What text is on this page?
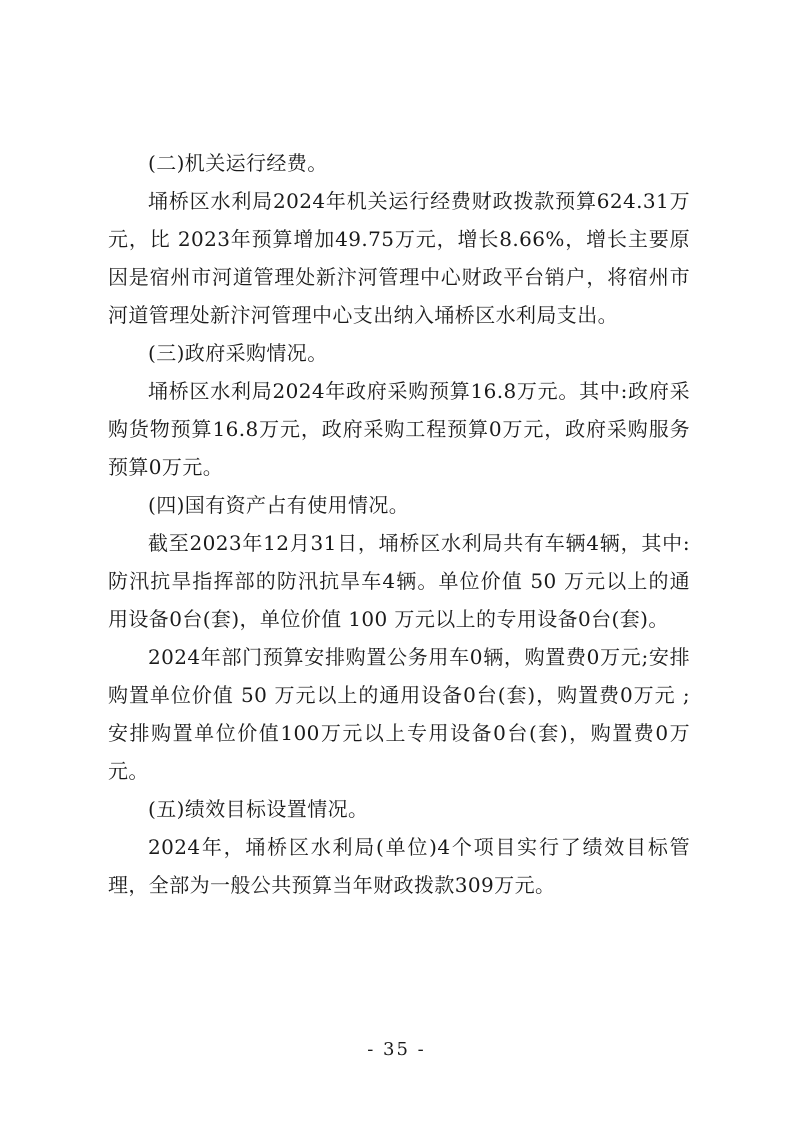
(二)机关运行经费。

埇桥区水利局2024年机关运行经费财政拨款预算624.31万元，比 2023年预算增加49.75万元，增长8.66%，增长主要原因是宿州市河道管理处新汴河管理中心财政平台销户，将宿州市河道管理处新汴河管理中心支出纳入埇桥区水利局支出。

(三)政府采购情况。

埇桥区水利局2024年政府采购预算16.8万元。其中:政府采购货物预算16.8万元，政府采购工程预算0万元，政府采购服务预算0万元。

(四)国有资产占有使用情况。

截至2023年12月31日，埇桥区水利局共有车辆4辆，其中:防汛抗旱指挥部的防汛抗旱车4辆。单位价值 50 万元以上的通用设备0台(套)，单位价值 100 万元以上的专用设备0台(套)。

2024年部门预算安排购置公务用车0辆，购置费0万元;安排购置单位价值 50 万元以上的通用设备0台(套)，购置费0万元 ;安排购置单位价值100万元以上专用设备0台(套)，购置费0万元。

(五)绩效目标设置情况。

2024年，埇桥区水利局(单位)4个项目实行了绩效目标管理，全部为一般公共预算当年财政拨款309万元。

- 35 -
